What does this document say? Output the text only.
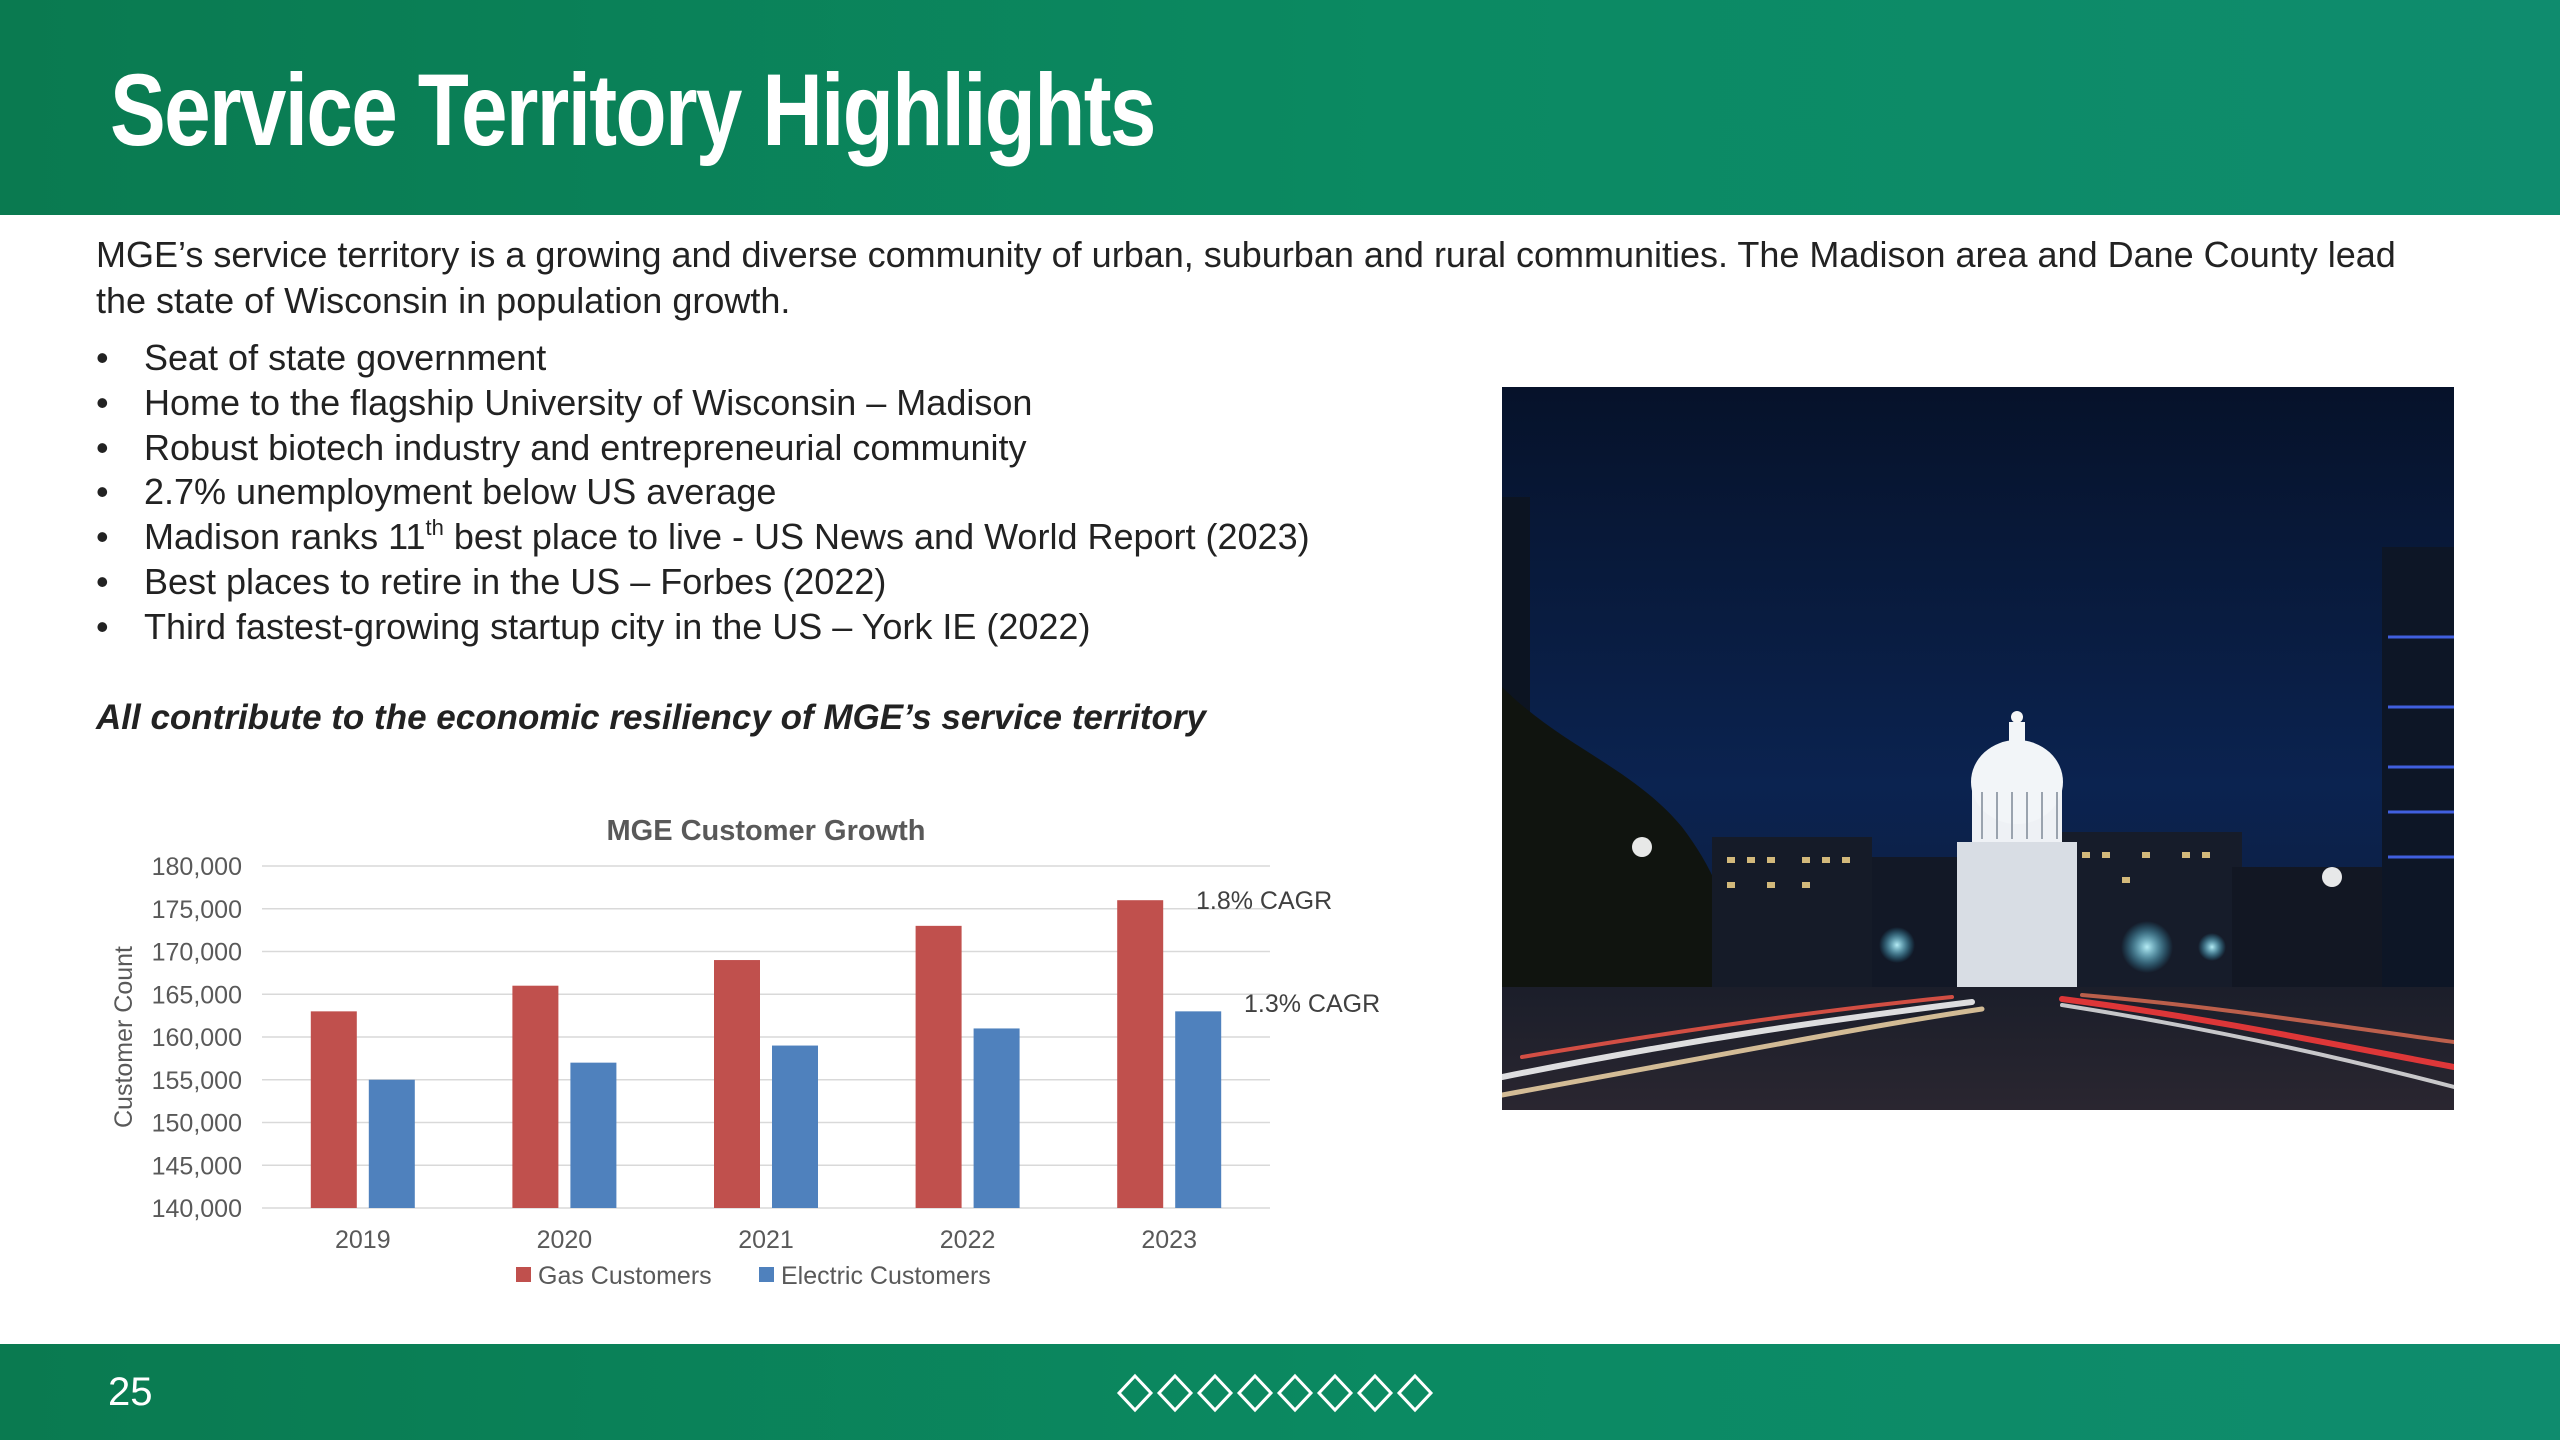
Service Territory Highlights
MGE’s service territory is a growing and diverse community of urban, suburban and rural communities. The Madison area and Dane County lead the state of Wisconsin in population growth.
• Seat of state government
• Home to the flagship University of Wisconsin – Madison
• Robust biotech industry and entrepreneurial community
• 2.7% unemployment below US average
• Madison ranks 11th best place to live - US News and World Report (2023)
• Best places to retire in the US – Forbes (2022)
• Third fastest-growing startup city in the US – York IE (2022)
All contribute to the economic resiliency of MGE’s service territory
MGE Customer Growth
140,000
145,000
150,000
155,000
160,000
165,000
170,000
175,000
180,000
Customer Count
2019	2020	2021	2022	2023
1.8% CAGR
1.3% CAGR
Gas Customers	Electric Customers
25
